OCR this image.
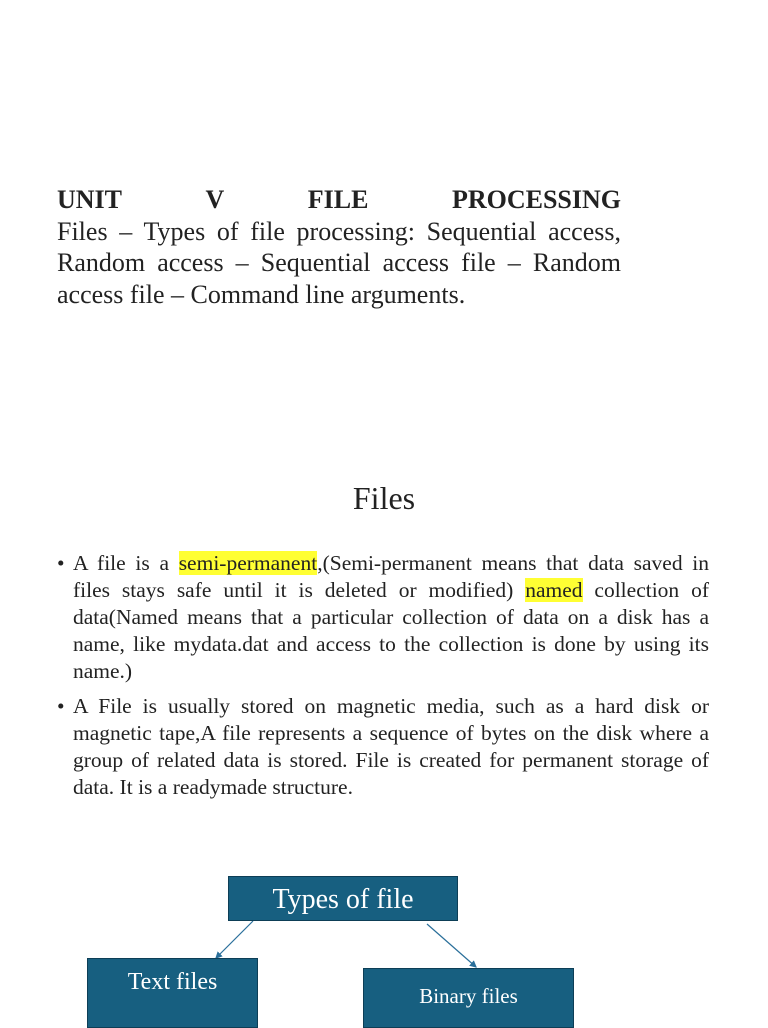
UNIT	V	FILE	PROCESSING
Files – Types of file processing: Sequential access, Random access – Sequential access file – Random access file – Command line arguments.
Files
• A file is a semi-permanent,(Semi-permanent means that data saved in files stays safe until it is deleted or modified) named collection of data(Named means that a particular collection of data on a disk has a name, like mydata.dat and access to the collection is done by using its name.)
• A File is usually stored on magnetic media, such as a hard disk or magnetic tape,A file represents a sequence of bytes on the disk where a group of related data is stored. File is created for permanent storage of data. It is a readymade structure.
Types of file
Text files
Binary files
